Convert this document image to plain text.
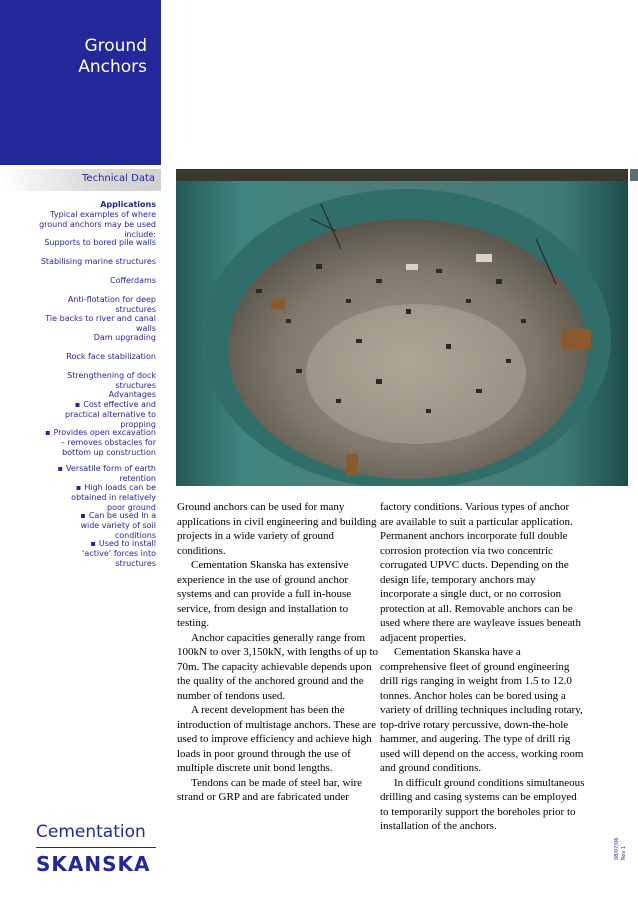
Ground
Anchors
Technical Data
Applications
Typical examples of where ground anchors may be used include:
Supports to bored pile walls
Stabilising marine structures
Cofferdams
Anti-flotation for deep structures
Tie backs to river and canal walls
Dam upgrading
Rock face stabilization
Strengthening of dock structures
Advantages
▪ Cost effective and practical alternative to propping
▪ Provides open excavation – removes obstacles for bottom up construction
▪ Versatile form of earth retention
▪ High loads can be obtained in relatively poor ground
▪ Can be used in a wide variety of soil conditions
▪ Used to install ‘active’ forces into structures

Ground anchors can be used for many applications in civil engineering and building projects in a wide variety of ground conditions.

Cementation Skanska has extensive experience in the use of ground anchor systems and can provide a full in-house service, from design and installation to testing.

Anchor capacities generally range from 100kN to over 3,150kN, with lengths of up to 70m. The capacity achievable depends upon the quality of the anchored ground and the number of tendons used.

A recent development has been the introduction of multistage anchors. These are used to improve efficiency and achieve high loads in poor ground through the use of multiple discrete unit bond lengths.

Tendons can be made of steel bar, wire strand or GRP and are fabricated under

factory conditions. Various types of anchor are available to suit a particular application. Permanent anchors incorporate full double corrosion protection via two concentric corrugated UPVC ducts. Depending on the design life, temporary anchors may incorporate a single duct, or no corrosion protection at all. Removable anchors can be used where there are wayleave issues beneath adjacent properties.

Cementation Skanska have a comprehensive fleet of ground engineering drill rigs ranging in weight from 1.5 to 12.0 tonnes. Anchor holes can be bored using a variety of drilling techniques including rotary, top-drive rotary percussive, down-the-hole hammer, and augering. The type of drill rig used will depend on the access, working room and ground conditions.

In difficult ground conditions simultaneous drilling and casing systems can be employed to temporarily support the boreholes prior to installation of the anchors.

Cementation
SKANSKA
08/07/06 Rev 1
